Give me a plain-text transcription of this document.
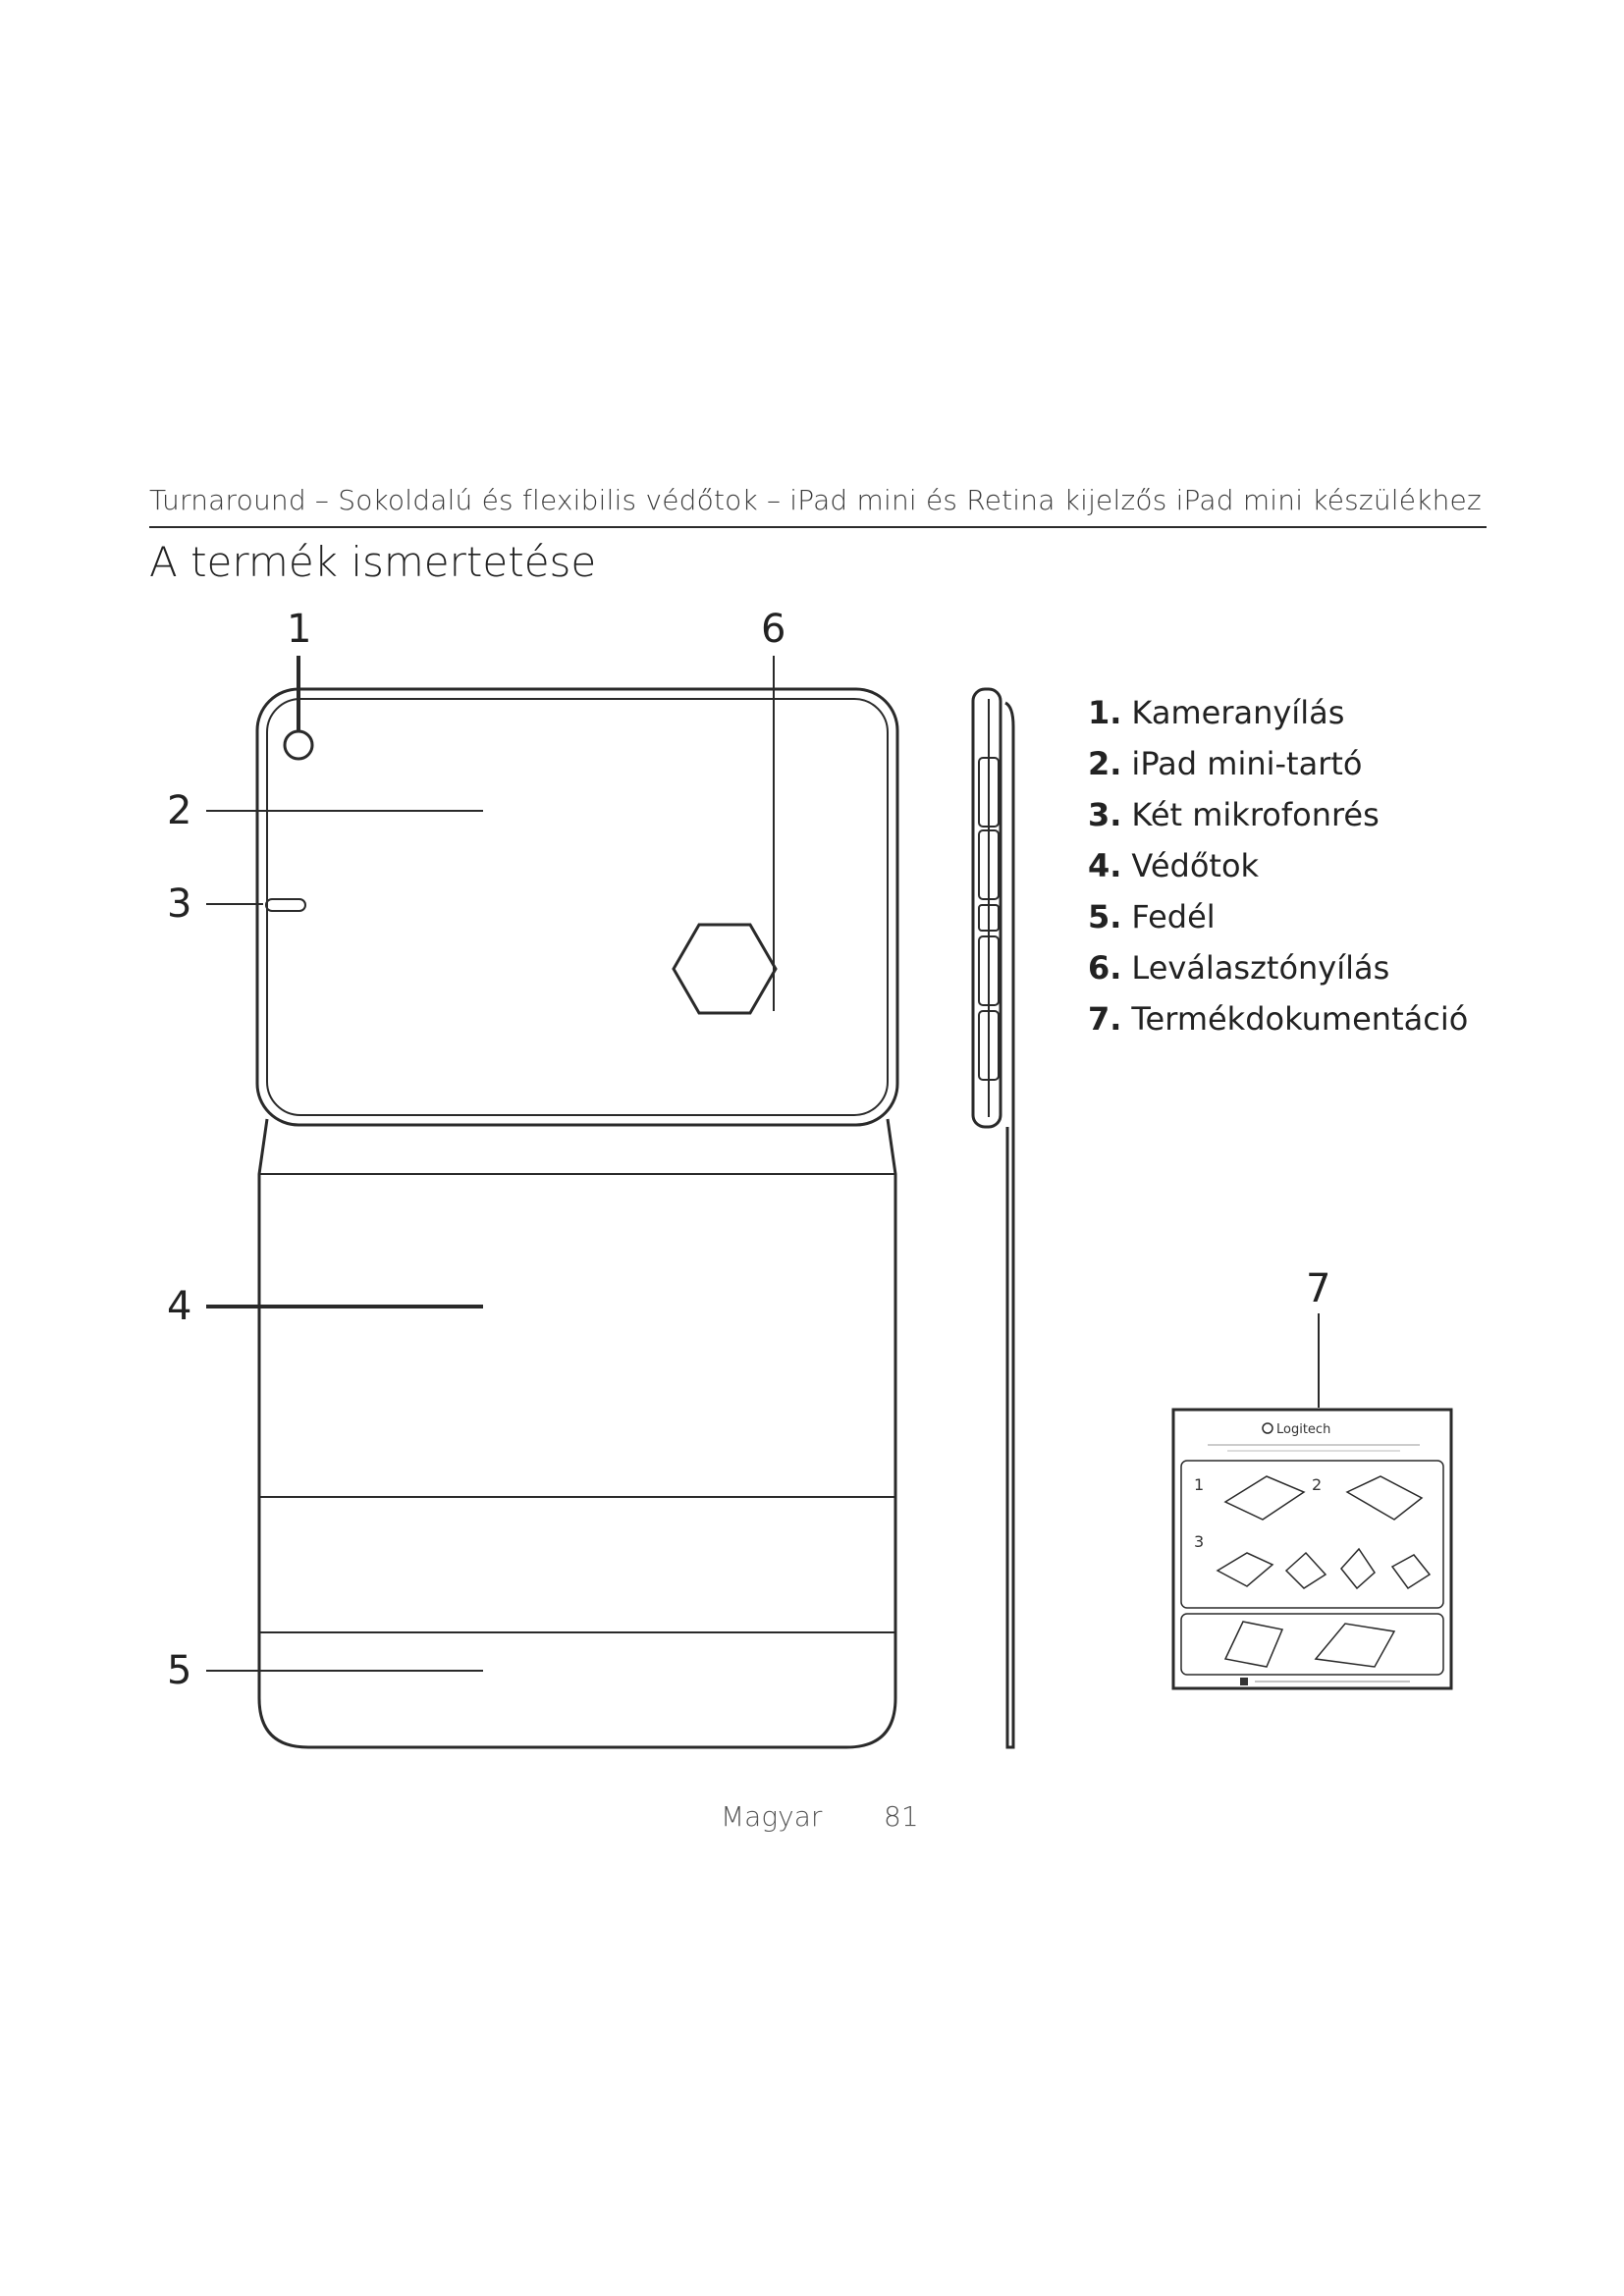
Turnaround – Sokoldalú és flexibilis védőtok – iPad mini és Retina kijelzős iPad mini készülékhez
A termék ismertetése
Logitech
1	2
3
1
2
3
4
5
6
7
1. Kameranyílás
2. iPad mini-tartó
3. Két mikrofonrés
4. Védőtok
5. Fedél
6. Leválasztónyílás
7. Termékdokumentáció
Magyar 81
